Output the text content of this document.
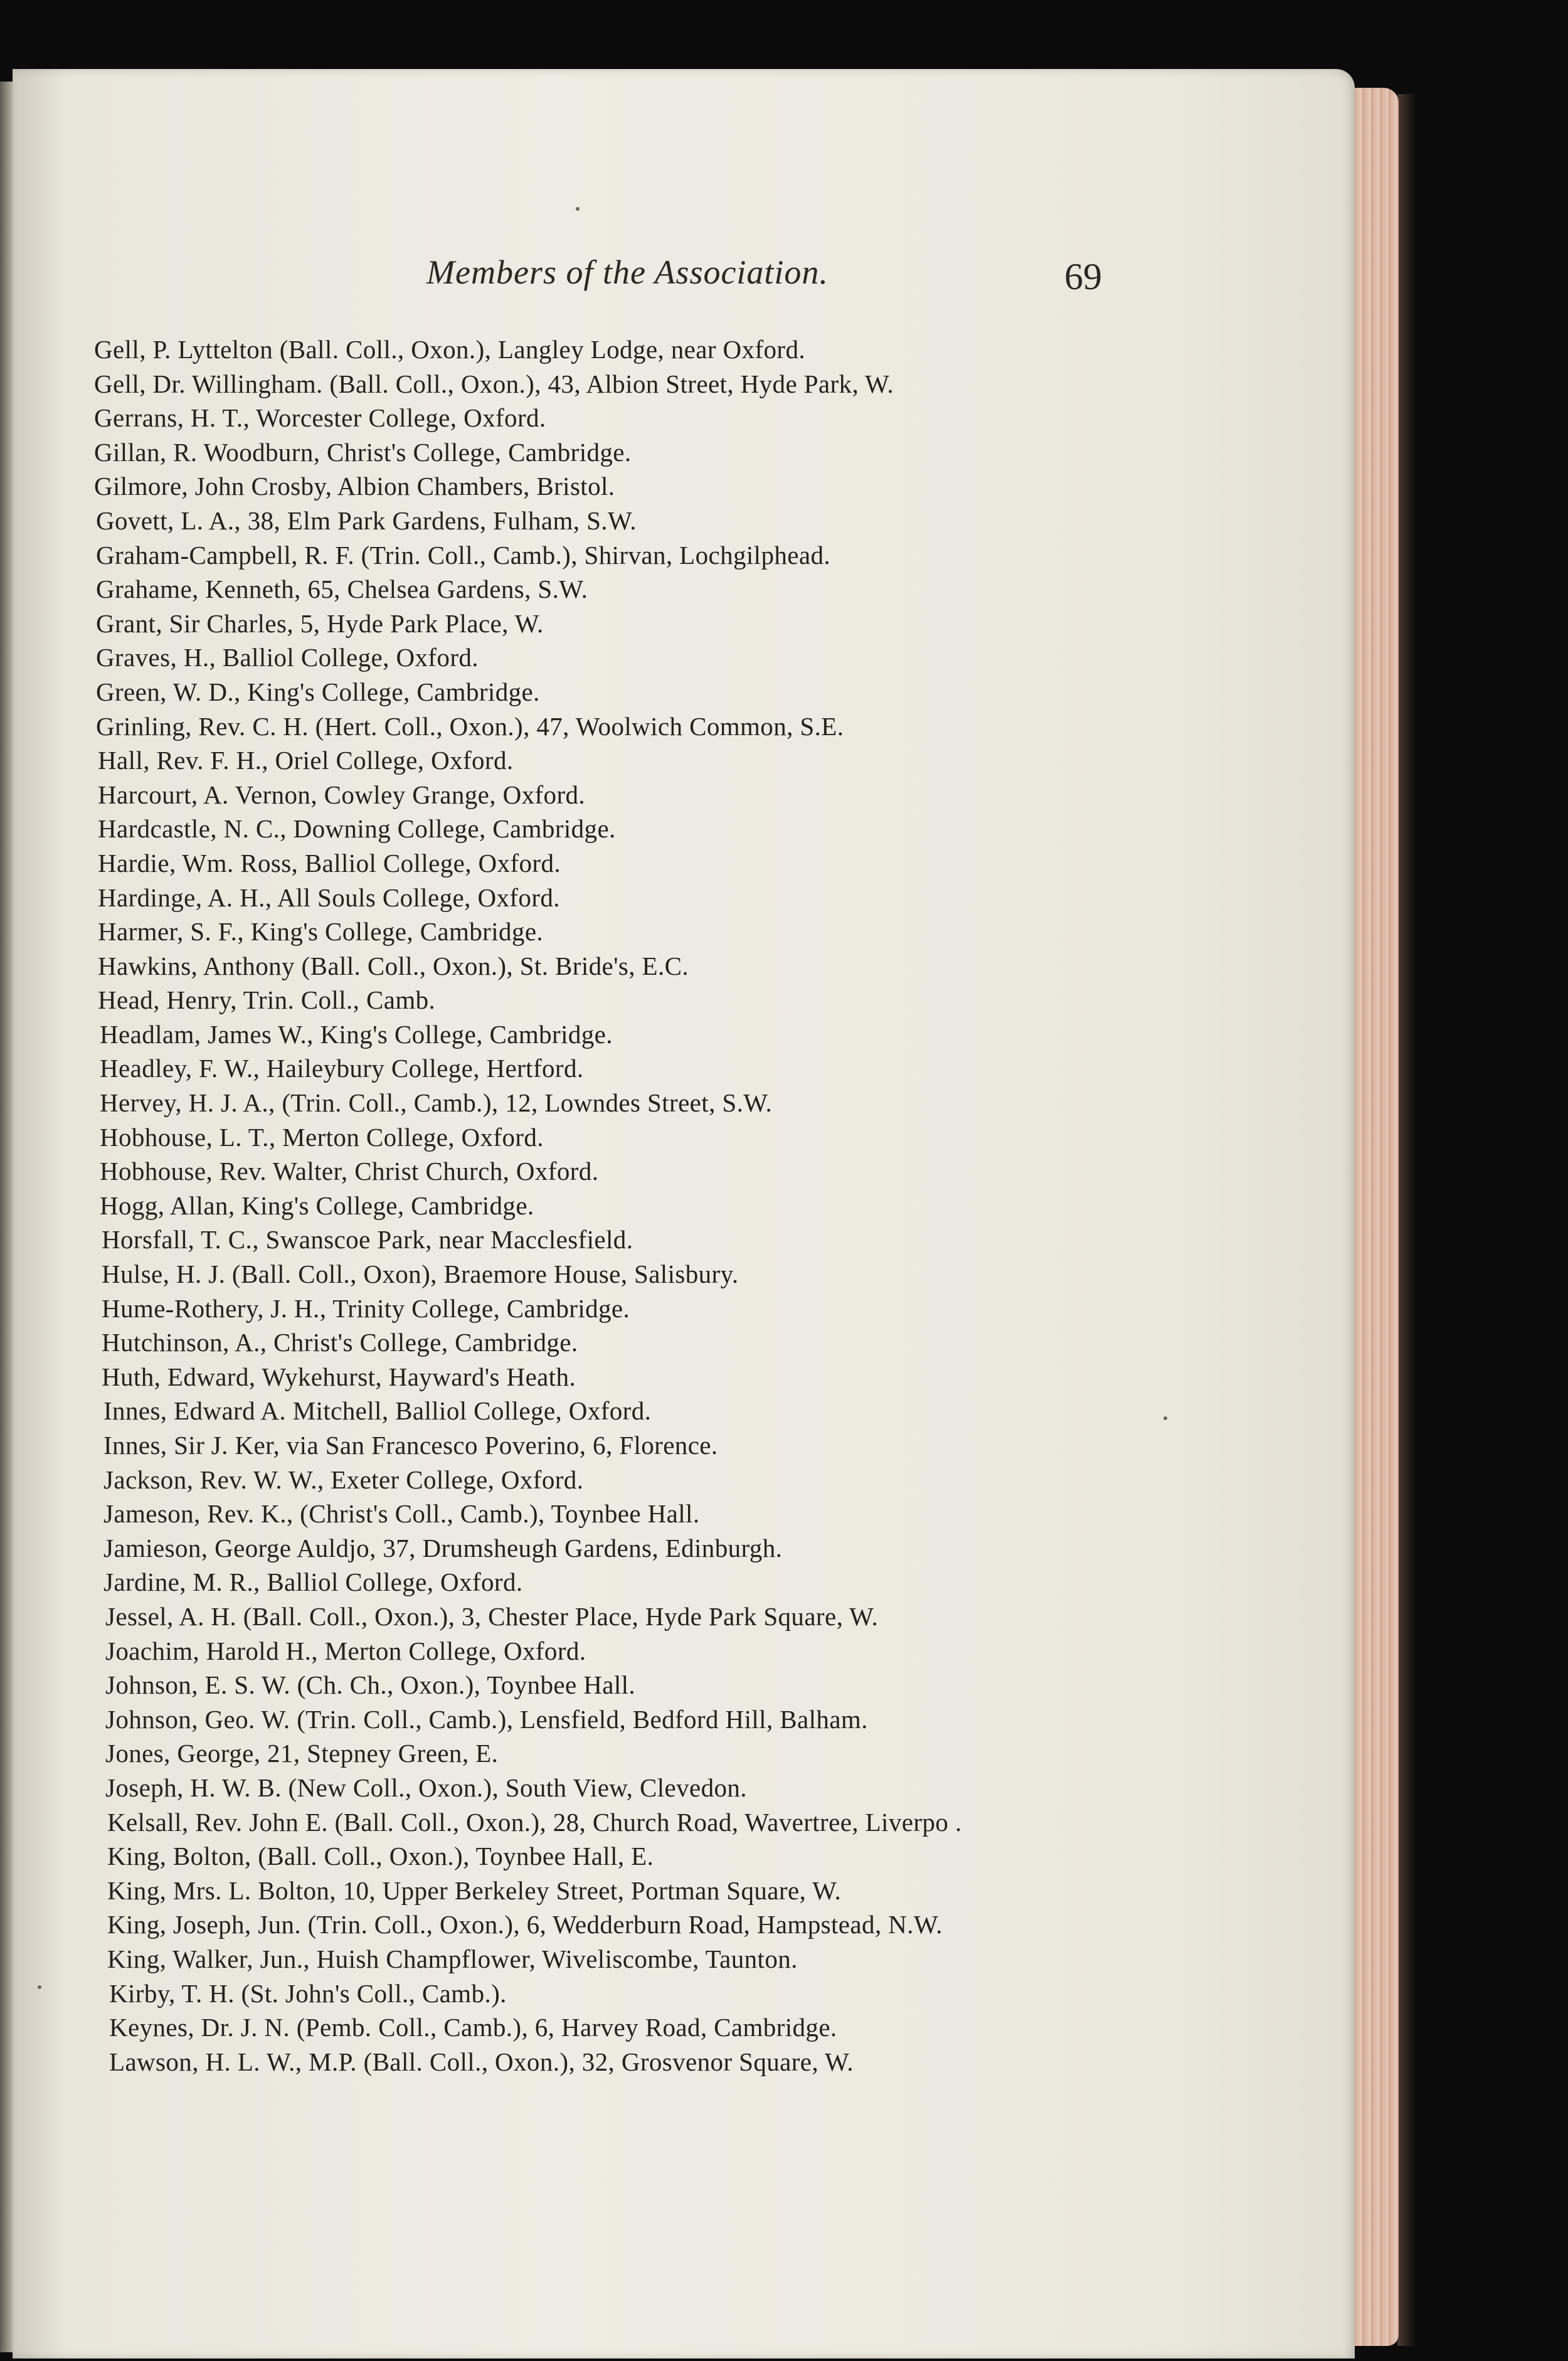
Members of the Association.	69
Gell, P. Lyttelton (Ball. Coll., Oxon.), Langley Lodge, near Oxford.
Gell, Dr. Willingham. (Ball. Coll., Oxon.), 43, Albion Street, Hyde Park, W.
Gerrans, H. T., Worcester College, Oxford.
Gillan, R. Woodburn, Christ's College, Cambridge.
Gilmore, John Crosby, Albion Chambers, Bristol.
Govett, L. A., 38, Elm Park Gardens, Fulham, S.W.
Graham-Campbell, R. F. (Trin. Coll., Camb.), Shirvan, Lochgilphead.
Grahame, Kenneth, 65, Chelsea Gardens, S.W.
Grant, Sir Charles, 5, Hyde Park Place, W.
Graves, H., Balliol College, Oxford.
Green, W. D., King's College, Cambridge.
Grinling, Rev. C. H. (Hert. Coll., Oxon.), 47, Woolwich Common, S.E.
Hall, Rev. F. H., Oriel College, Oxford.
Harcourt, A. Vernon, Cowley Grange, Oxford.
Hardcastle, N. C., Downing College, Cambridge.
Hardie, Wm. Ross, Balliol College, Oxford.
Hardinge, A. H., All Souls College, Oxford.
Harmer, S. F., King's College, Cambridge.
Hawkins, Anthony (Ball. Coll., Oxon.), St. Bride's, E.C.
Head, Henry, Trin. Coll., Camb.
Headlam, James W., King's College, Cambridge.
Headley, F. W., Haileybury College, Hertford.
Hervey, H. J. A., (Trin. Coll., Camb.), 12, Lowndes Street, S.W.
Hobhouse, L. T., Merton College, Oxford.
Hobhouse, Rev. Walter, Christ Church, Oxford.
Hogg, Allan, King's College, Cambridge.
Horsfall, T. C., Swanscoe Park, near Macclesfield.
Hulse, H. J. (Ball. Coll., Oxon), Braemore House, Salisbury.
Hume-Rothery, J. H., Trinity College, Cambridge.
Hutchinson, A., Christ's College, Cambridge.
Huth, Edward, Wykehurst, Hayward's Heath.
Innes, Edward A. Mitchell, Balliol College, Oxford.
Innes, Sir J. Ker, via San Francesco Poverino, 6, Florence.
Jackson, Rev. W. W., Exeter College, Oxford.
Jameson, Rev. K., (Christ's Coll., Camb.), Toynbee Hall.
Jamieson, George Auldjo, 37, Drumsheugh Gardens, Edinburgh.
Jardine, M. R., Balliol College, Oxford.
Jessel, A. H. (Ball. Coll., Oxon.), 3, Chester Place, Hyde Park Square, W.
Joachim, Harold H., Merton College, Oxford.
Johnson, E. S. W. (Ch. Ch., Oxon.), Toynbee Hall.
Johnson, Geo. W. (Trin. Coll., Camb.), Lensfield, Bedford Hill, Balham.
Jones, George, 21, Stepney Green, E.
Joseph, H. W. B. (New Coll., Oxon.), South View, Clevedon.
Kelsall, Rev. John E. (Ball. Coll., Oxon.), 28, Church Road, Wavertree, Liverpo .
King, Bolton, (Ball. Coll., Oxon.), Toynbee Hall, E.
King, Mrs. L. Bolton, 10, Upper Berkeley Street, Portman Square, W.
King, Joseph, Jun. (Trin. Coll., Oxon.), 6, Wedderburn Road, Hampstead, N.W.
King, Walker, Jun., Huish Champflower, Wiveliscombe, Taunton.
Kirby, T. H. (St. John's Coll., Camb.).
Keynes, Dr. J. N. (Pemb. Coll., Camb.), 6, Harvey Road, Cambridge.
Lawson, H. L. W., M.P. (Ball. Coll., Oxon.), 32, Grosvenor Square, W.
